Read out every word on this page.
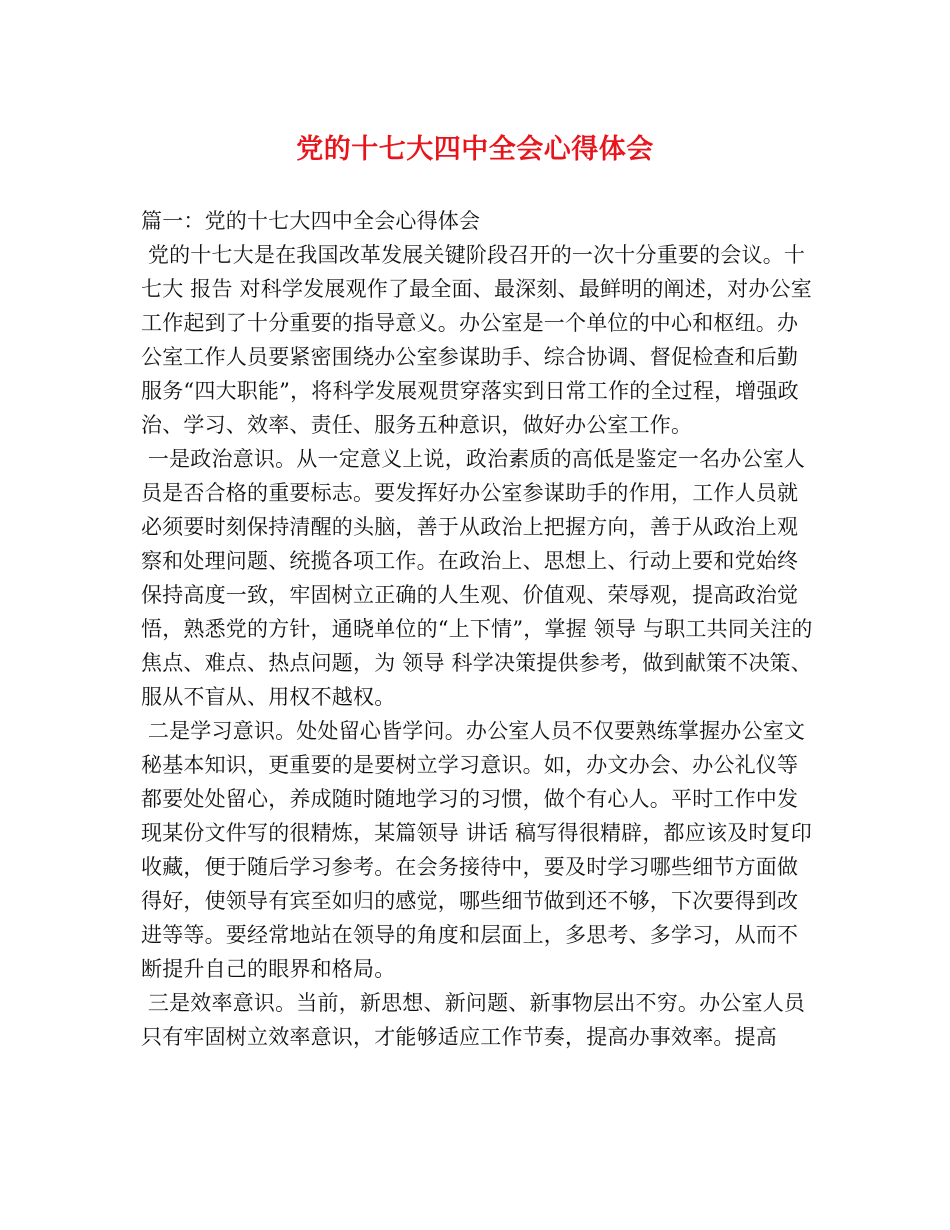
党的十七大四中全会心得体会

篇一：党的十七大四中全会心得体会

党的十七大是在我国改革发展关键阶段召开的一次十分重要的会议。十七大 报告 对科学发展观作了最全面、最深刻、最鲜明的阐述，对办公室工作起到了十分重要的指导意义。办公室是一个单位的中心和枢纽。办公室工作人员要紧密围绕办公室参谋助手、综合协调、督促检查和后勤服务“四大职能”，将科学发展观贯穿落实到日常工作的全过程，增强政治、学习、效率、责任、服务五种意识，做好办公室工作。

一是政治意识。从一定意义上说，政治素质的高低是鉴定一名办公室人员是否合格的重要标志。要发挥好办公室参谋助手的作用，工作人员就必须要时刻保持清醒的头脑，善于从政治上把握方向，善于从政治上观察和处理问题、统揽各项工作。在政治上、思想上、行动上要和党始终保持高度一致，牢固树立正确的人生观、价值观、荣辱观，提高政治觉悟，熟悉党的方针，通晓单位的“上下情”，掌握 领导 与职工共同关注的焦点、难点、热点问题，为 领导 科学决策提供参考，做到献策不决策、服从不盲从、用权不越权。

二是学习意识。处处留心皆学问。办公室人员不仅要熟练掌握办公室文秘基本知识，更重要的是要树立学习意识。如，办文办会、办公礼仪等都要处处留心，养成随时随地学习的习惯，做个有心人。平时工作中发现某份文件写的很精炼，某篇领导 讲话 稿写得很精辟，都应该及时复印收藏，便于随后学习参考。在会务接待中，要及时学习哪些细节方面做得好，使领导有宾至如归的感觉，哪些细节做到还不够，下次要得到改进等等。要经常地站在领导的角度和层面上，多思考、多学习，从而不断提升自己的眼界和格局。

三是效率意识。当前，新思想、新问题、新事物层出不穷。办公室人员只有牢固树立效率意识，才能够适应工作节奏，提高办事效率。提高
